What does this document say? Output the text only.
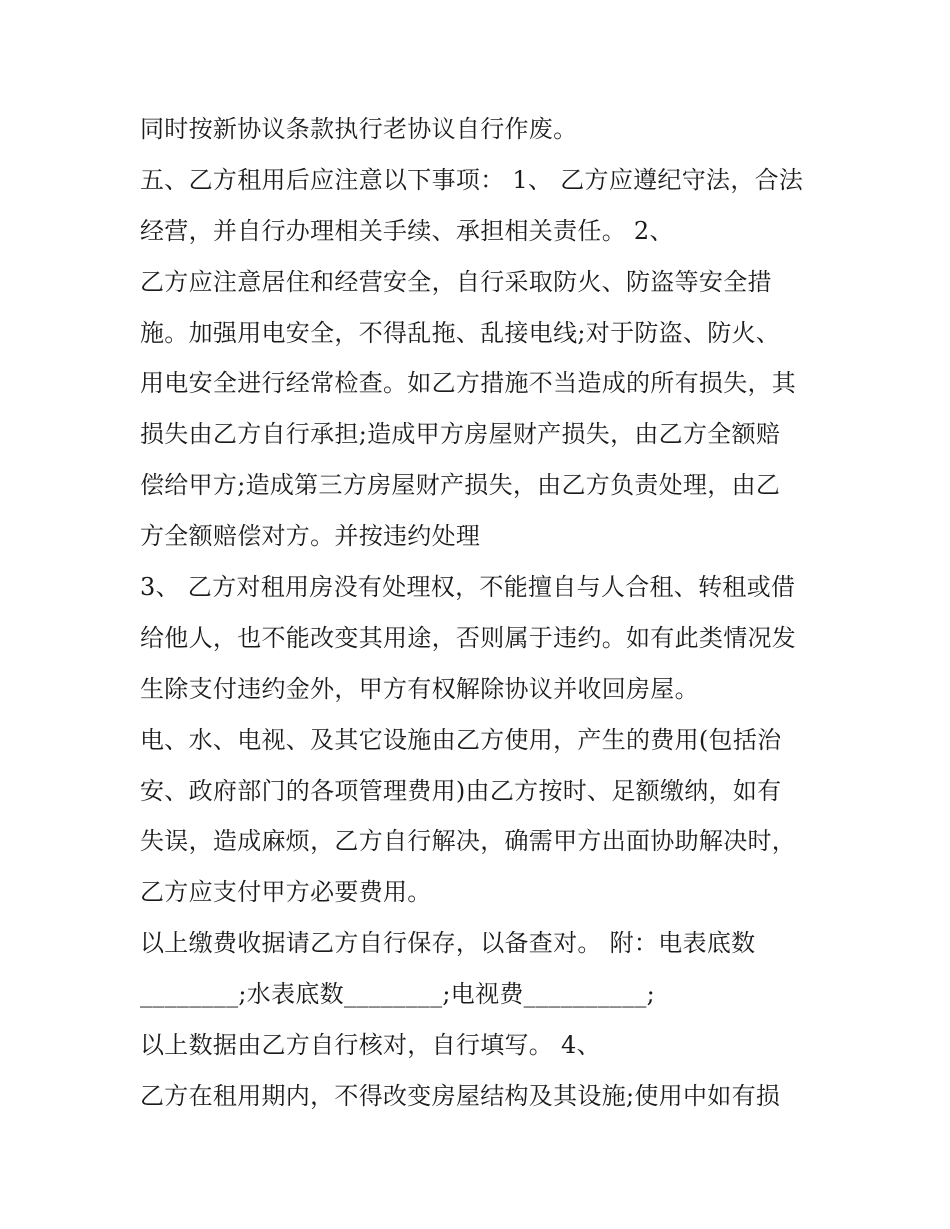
同时按新协议条款执行老协议自行作废。
五、乙方租用后应注意以下事项： 1、 乙方应遵纪守法，合法
经营，并自行办理相关手续、承担相关责任。 2、
乙方应注意居住和经营安全，自行采取防火、防盗等安全措
施。加强用电安全，不得乱拖、乱接电线;对于防盗、防火、
用电安全进行经常检查。如乙方措施不当造成的所有损失，其
损失由乙方自行承担;造成甲方房屋财产损失，由乙方全额赔
偿给甲方;造成第三方房屋财产损失，由乙方负责处理，由乙
方全额赔偿对方。并按违约处理
3、 乙方对租用房没有处理权，不能擅自与人合租、转租或借
给他人，也不能改变其用途，否则属于违约。如有此类情况发
生除支付违约金外，甲方有权解除协议并收回房屋。
电、水、电视、及其它设施由乙方使用，产生的费用(包括治
安、政府部门的各项管理费用)由乙方按时、足额缴纳，如有
失误，造成麻烦，乙方自行解决，确需甲方出面协助解决时，
乙方应支付甲方必要费用。
以上缴费收据请乙方自行保存，以备查对。 附：电表底数
________;水表底数________;电视费__________;
以上数据由乙方自行核对，自行填写。 4、
乙方在租用期内，不得改变房屋结构及其设施;使用中如有损
